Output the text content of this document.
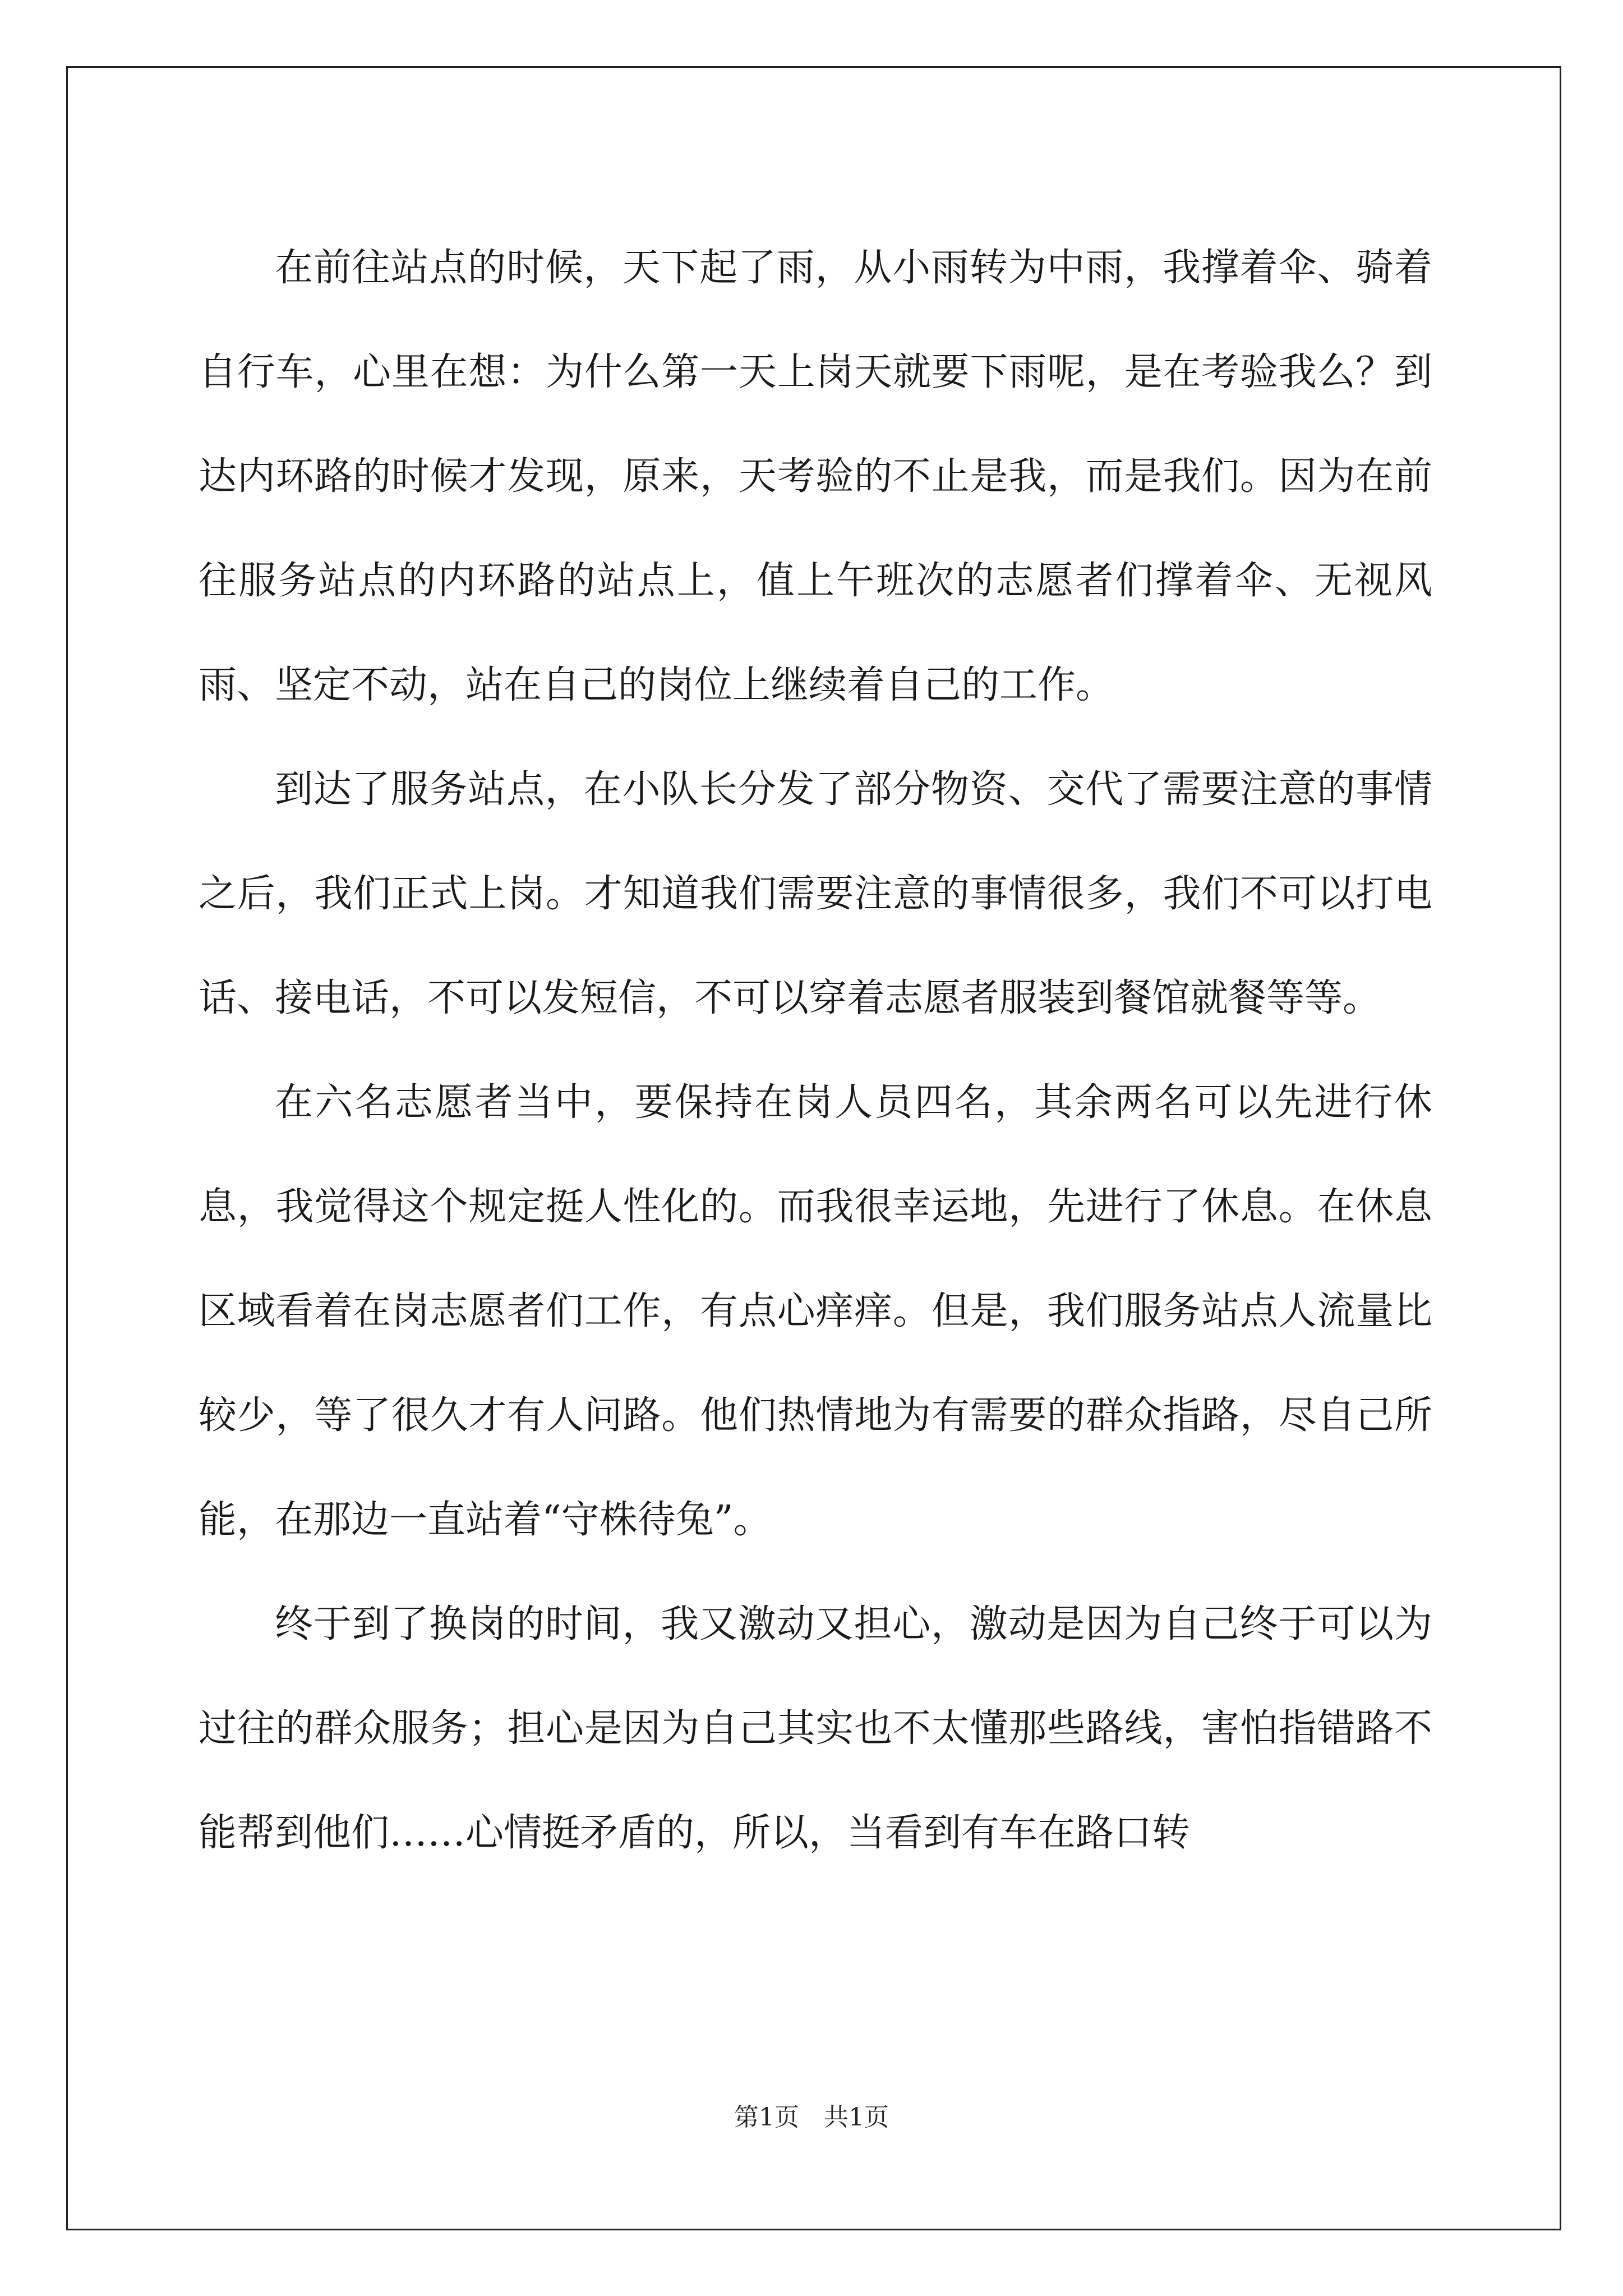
在前往站点的时候，天下起了雨，从小雨转为中雨，我撑着伞、骑着自行车，心里在想：为什么第一天上岗天就要下雨呢，是在考验我么？到达内环路的时候才发现，原来，天考验的不止是我，而是我们。因为在前往服务站点的内环路的站点上，值上午班次的志愿者们撑着伞、无视风雨、坚定不动，站在自己的岗位上继续着自己的工作。

到达了服务站点，在小队长分发了部分物资、交代了需要注意的事情之后，我们正式上岗。才知道我们需要注意的事情很多，我们不可以打电话、接电话，不可以发短信，不可以穿着志愿者服装到餐馆就餐等等。

在六名志愿者当中，要保持在岗人员四名，其余两名可以先进行休息，我觉得这个规定挺人性化的。而我很幸运地，先进行了休息。在休息区域看着在岗志愿者们工作，有点心痒痒。但是，我们服务站点人流量比较少，等了很久才有人问路。他们热情地为有需要的群众指路，尽自己所能，在那边一直站着“守株待兔”。

终于到了换岗的时间，我又激动又担心，激动是因为自己终于可以为过往的群众服务；担心是因为自己其实也不太懂那些路线，害怕指错路不能帮到他们……心情挺矛盾的，所以，当看到有车在路口转

第1页　共1页
